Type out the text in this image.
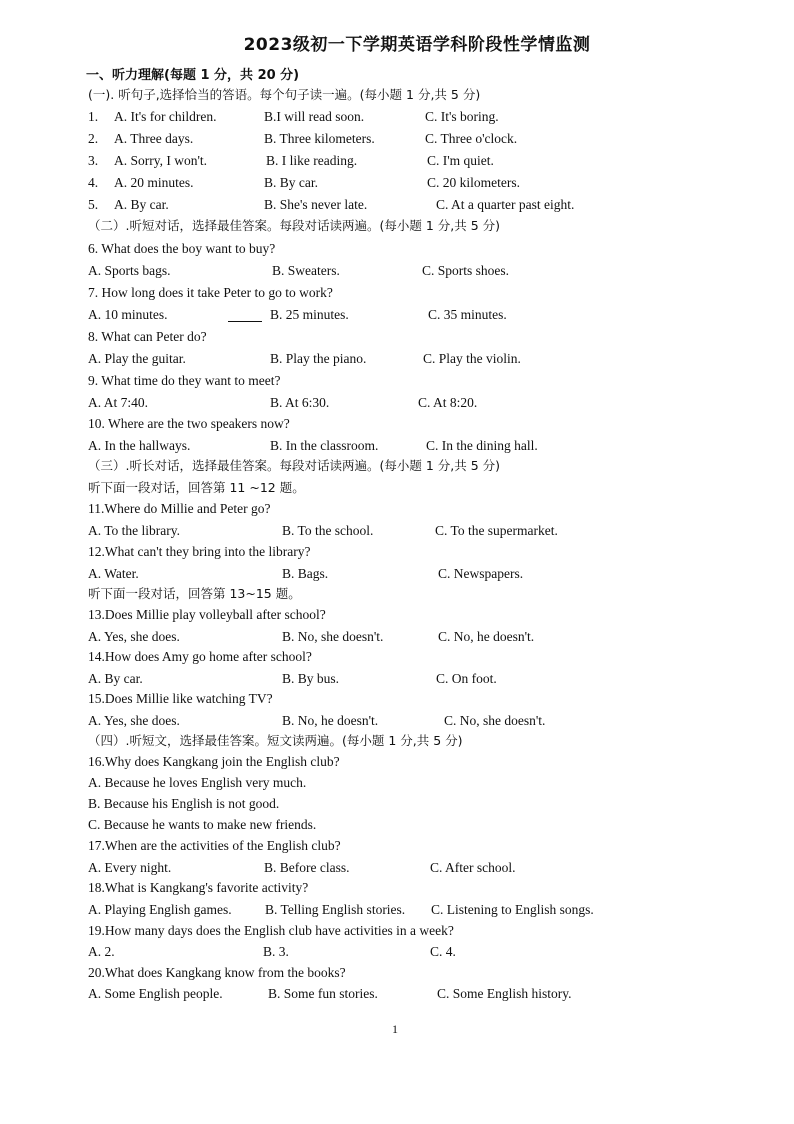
2023级初一下学期英语学科阶段性学情监测
一、听力理解(每题 1 分，共 20 分)
(一). 听句子,选择恰当的答语。每个句子读一遍。(每小题 1 分,共 5 分)
1. A. It's for children.	B.I will read soon.	C. It's boring.
2. A. Three days.	B. Three kilometers.	C. Three o'clock.
3. A. Sorry, I won't.	B. I like reading.	C. I'm quiet.
4. A. 20 minutes.	B. By car.	C. 20 kilometers.
5. A. By car.	B. She's never late.	C. At a quarter past eight.
（二）.听短对话，选择最佳答案。每段对话读两遍。(每小题 1 分,共 5 分)
6. What does the boy want to buy?
A. Sports bags.	B. Sweaters.	C. Sports shoes.
7. How long does it take Peter to go to work?
A. 10 minutes.	B. 25 minutes.	C. 35 minutes.
8. What can Peter do?
A. Play the guitar.	B. Play the piano.	C. Play the violin.
9. What time do they want to meet?
A. At 7:40.	B. At 6:30.	C. At 8:20.
10. Where are the two speakers now?
A. In the hallways.	B. In the classroom.	C. In the dining hall.
（三）.听长对话，选择最佳答案。每段对话读两遍。(每小题 1 分,共 5 分)
听下面一段对话，回答第 11 ~12 题。
11.Where do Millie and Peter go?
A. To the library.	B. To the school.	C. To the supermarket.
12.What can't they bring into the library?
A. Water.	B. Bags.	C. Newspapers.
听下面一段对话，回答第 13~15 题。
13.Does Millie play volleyball after school?
A. Yes, she does.	B. No, she doesn't.	C. No, he doesn't.
14.How does Amy go home after school?
A. By car.	B. By bus.	C. On foot.
15.Does Millie like watching TV?
A. Yes, she does.	B. No, he doesn't.	C. No, she doesn't.
（四）.听短文，选择最佳答案。短文读两遍。(每小题 1 分,共 5 分)
16.Why does Kangkang join the English club?
A. Because he loves English very much.
B. Because his English is not good.
C. Because he wants to make new friends.
17.When are the activities of the English club?
A. Every night.	B. Before class.	C. After school.
18.What is Kangkang's favorite activity?
A. Playing English games. B. Telling English stories. C. Listening to English songs.
19.How many days does the English club have activities in a week?
A. 2.	B. 3.	C. 4.
20.What does Kangkang know from the books?
A. Some English people.	B. Some fun stories.	C. Some English history.
1
